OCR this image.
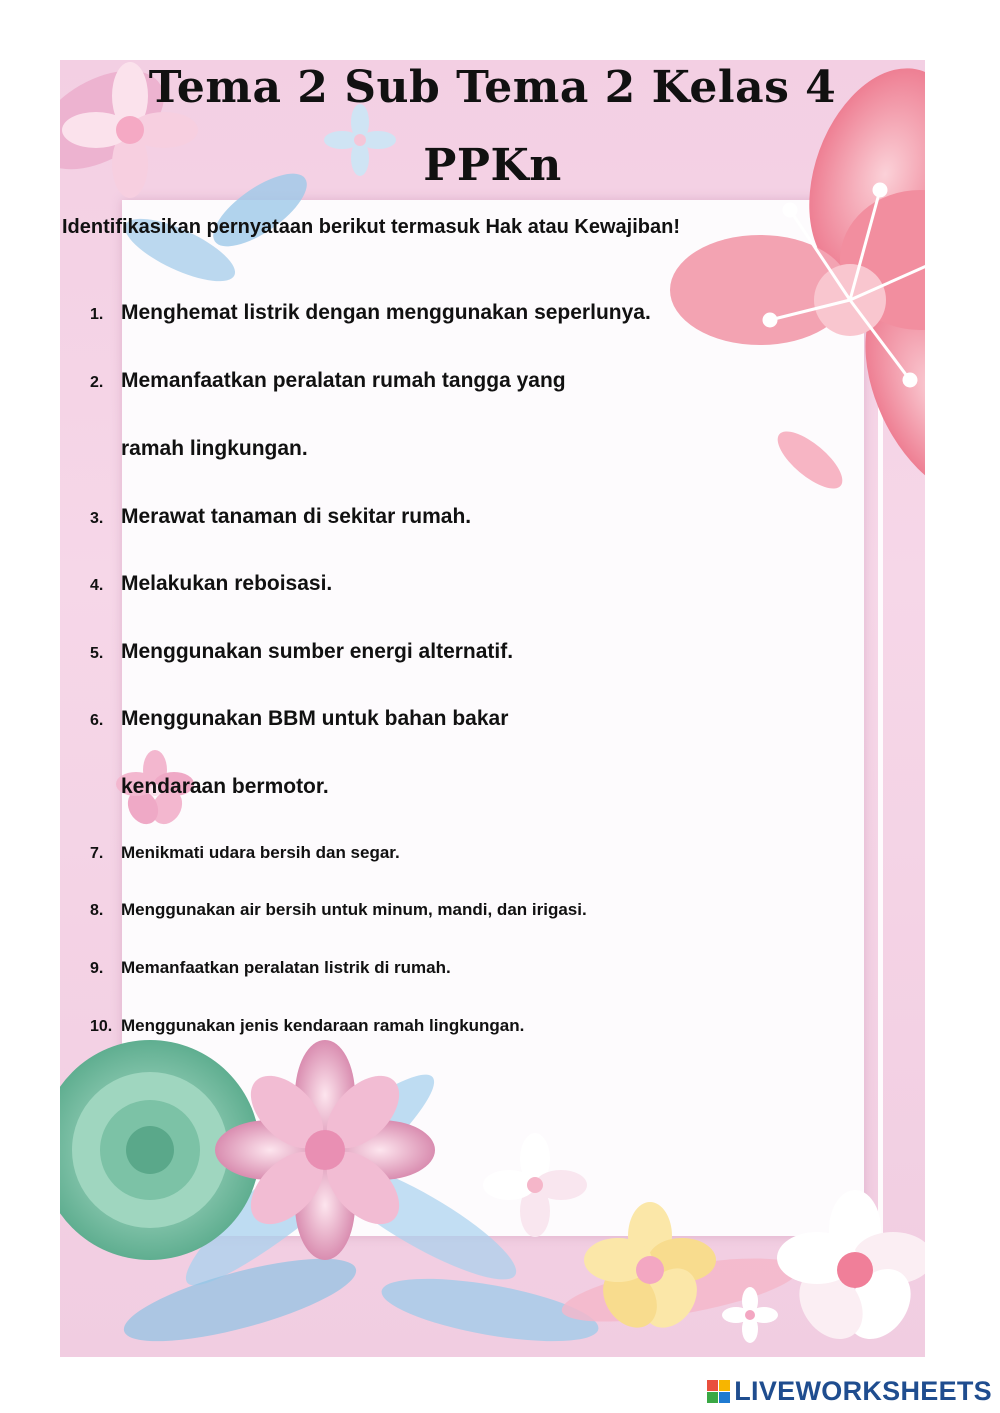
Tema 2 Sub Tema 2 Kelas 4
PPKn

Identifikasikan pernyataan berikut termasuk Hak atau Kewajiban!

1. Menghemat listrik dengan menggunakan seperlunya.
2. Memanfaatkan peralatan rumah tangga yang
ramah lingkungan.
3. Merawat tanaman di sekitar rumah.
4. Melakukan reboisasi.
5. Menggunakan sumber energi alternatif.
6. Menggunakan BBM untuk bahan bakar
kendaraan bermotor.
7. Menikmati udara bersih dan segar.
8. Menggunakan air bersih untuk minum, mandi, dan irigasi.
9. Memanfaatkan peralatan listrik di rumah.
10. Menggunakan jenis kendaraan ramah lingkungan.
LIVEWORKSHEETS
